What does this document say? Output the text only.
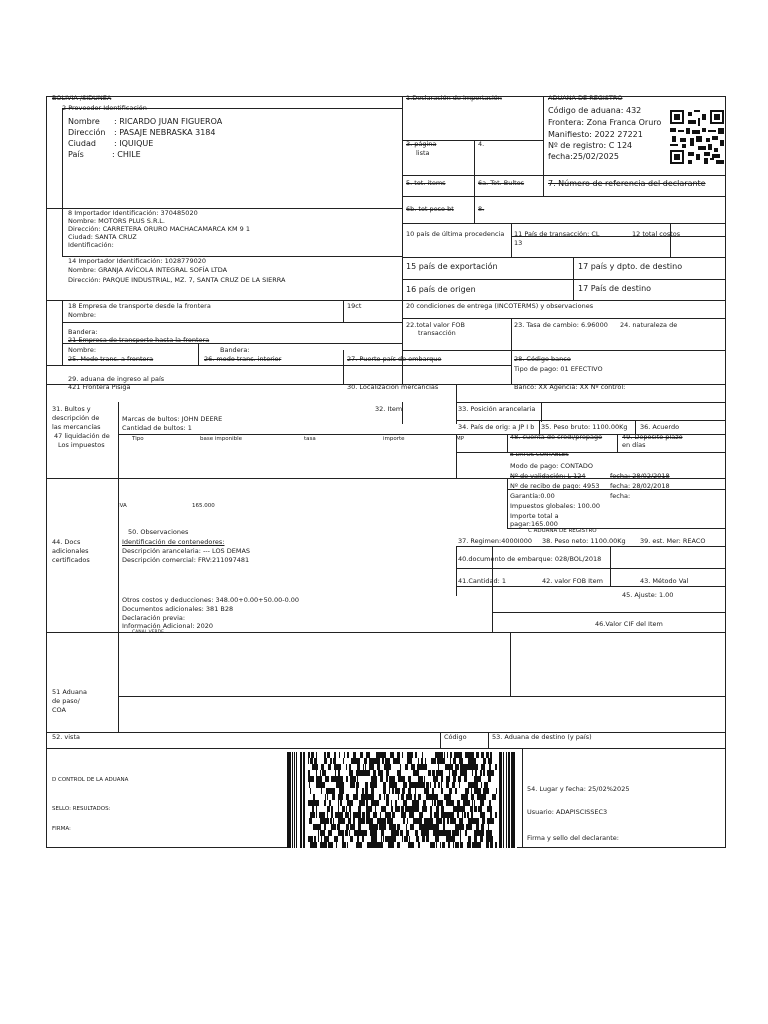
BOLIVIA /SIDUNEA
2 Proveedor Identificación
Nombre : RICARDO JUAN FIGUEROA
Dirección : PASAJE NEBRASKA 3184
Ciudad : IQUIQUE
País	: CHILE
1.Declaración de importación	ADUANA DE REGISTRO
Código de aduana: 432
Frontera: Zona Franca Oruro
Manifiesto: 2022 27221
Nº de registro: C 124
fecha:25/02/2025
3. página
lista
4.
5. tot. items	6a. Tot. Bultos	7. Número de referencia del declarante
6b. tot peso bt	8.
8 Importador Identificación: 370485020
Nombre: MOTORS PLUS S.R.L.
Dirección: CARRETERA ORURO MACHACAMARCA KM 9 1
Ciudad: SANTA CRUZ
Identificación:
10 país de última procedencia 11 País de transacción: CL	12 total costos
13
14 Importador Identificación: 1028779020
Nombre: GRANJA AVÍCOLA INTEGRAL SOFÍA LTDA
Dirección: PARQUE INDUSTRIAL, MZ. 7, SANTA CRUZ DE LA SIERRA
15 país de exportación	17 país y dpto. de destino
16 país de origen	17 País de destino
18 Empresa de transporte desde la frontera
Nombre:
19ct	20 condiciones de entrega (INCOTERMS) y observaciones
Bandera:
22.total valor FOB
transacción
23. Tasa de cambio: 6.96000 24. naturaleza de
21 Empresa de transporte hasta la frontera
Nombre:	Bandera:
25. Modo trans. a frontera	26. modo trans. interior	27. Puerto país de embarque	28. Código banco
Tipo de pago: 01 EFECTIVO
29. aduana de ingreso al país
421 Frontera Pisiga	30. Localización mercancías	Banco: XX Agencia: XX Nº control:
31. Bultos y
descripción de
las mercancías
47 liquidación de
Los impuestos
32. Item	33. Posición arancelaria
Marcas de bultos: JOHN DEERE
Cantidad de bultos: 1	34. País de orig: a JP I b 35. Peso bruto: 1100.00Kg 36. Acuerdo
Tipo	base imponible	tasa	importe	MP	48. cuenta de credi/prepago	49. Depósito plazo
en días
B DATOS CONTABLES
Modo de pago: CONTADO
Nº de validación: L 124	fecha: 28/02/2018
Nº de recibo de pago: 4953 fecha: 28/02/2018
Garantía:0.00	fecha:
IVA	165.000	Impuestos globales: 100.00
Importe total a
pagar:165.000
C ADUANA DE REGISTRO
50. Observaciones
Identificación de contenedores:	37. Regimen:4000I000 38. Peso neto: 1100.00Kg 39. est. Mer: REACO
44. Docs
adicionales
certificados
Descripción arancelaria: --- LOS DEMAS
Descripción comercial: FRV:211097481	40.documento de embarque: 028/BOL/2018
41.Cantidad: 1	42. valor FOB Item	43. Método Val
45. Ajuste: 1.00
Otros costos y deducciones: 348.00+0.00+50.00-0.00
Documentos adicionales: 381 B28
Declaración previa:
Información Adicional: 2020
CANAL VERDE
46.Valor CIF del Item
51 Aduana
de paso/
COA
52. vista	Código	53. Aduana de destino (y país)
D CONTROL DE LA ADUANA
SELLO: RESULTADOS:
FIRMA:
54. Lugar y fecha: 25/02%2025
Usuario: ADAPISCISSEC3
Firma y sello del declarante:
